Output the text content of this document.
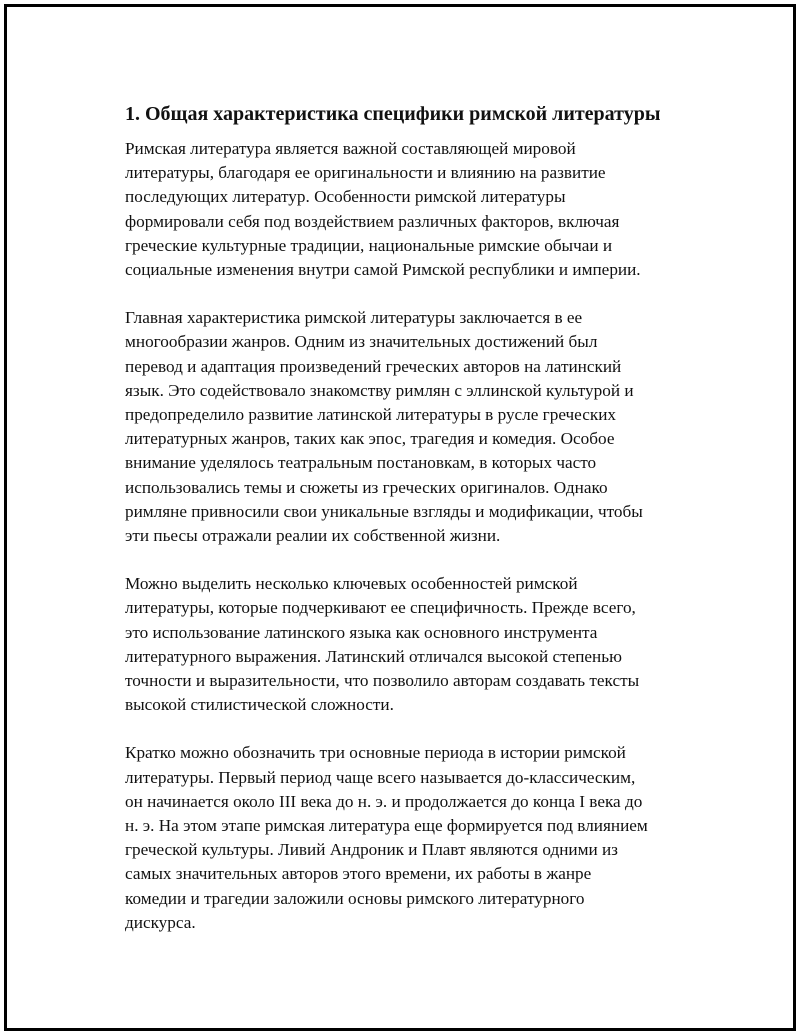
1. Общая характеристика специфики римской литературы

Римская литература является важной составляющей мировой
литературы, благодаря ее оригинальности и влиянию на развитие
последующих литератур. Особенности римской литературы
формировали себя под воздействием различных факторов, включая
греческие культурные традиции, национальные римские обычаи и
социальные изменения внутри самой Римской республики и империи.

Главная характеристика римской литературы заключается в ее
многообразии жанров. Одним из значительных достижений был
перевод и адаптация произведений греческих авторов на латинский
язык. Это содействовало знакомству римлян с эллинской культурой и
предопределило развитие латинской литературы в русле греческих
литературных жанров, таких как эпос, трагедия и комедия. Особое
внимание уделялось театральным постановкам, в которых часто
использовались темы и сюжеты из греческих оригиналов. Однако
римляне привносили свои уникальные взгляды и модификации, чтобы
эти пьесы отражали реалии их собственной жизни.

Можно выделить несколько ключевых особенностей римской
литературы, которые подчеркивают ее специфичность. Прежде всего,
это использование латинского языка как основного инструмента
литературного выражения. Латинский отличался высокой степенью
точности и выразительности, что позволило авторам создавать тексты
высокой стилистической сложности.

Кратко можно обозначить три основные периода в истории римской
литературы. Первый период чаще всего называется до-классическим,
он начинается около III века до н. э. и продолжается до конца I века до
н. э. На этом этапе римская литература еще формируется под влиянием
греческой культуры. Ливий Андроник и Плавт являются одними из
самых значительных авторов этого времени, их работы в жанре
комедии и трагедии заложили основы римского литературного
дискурса.
